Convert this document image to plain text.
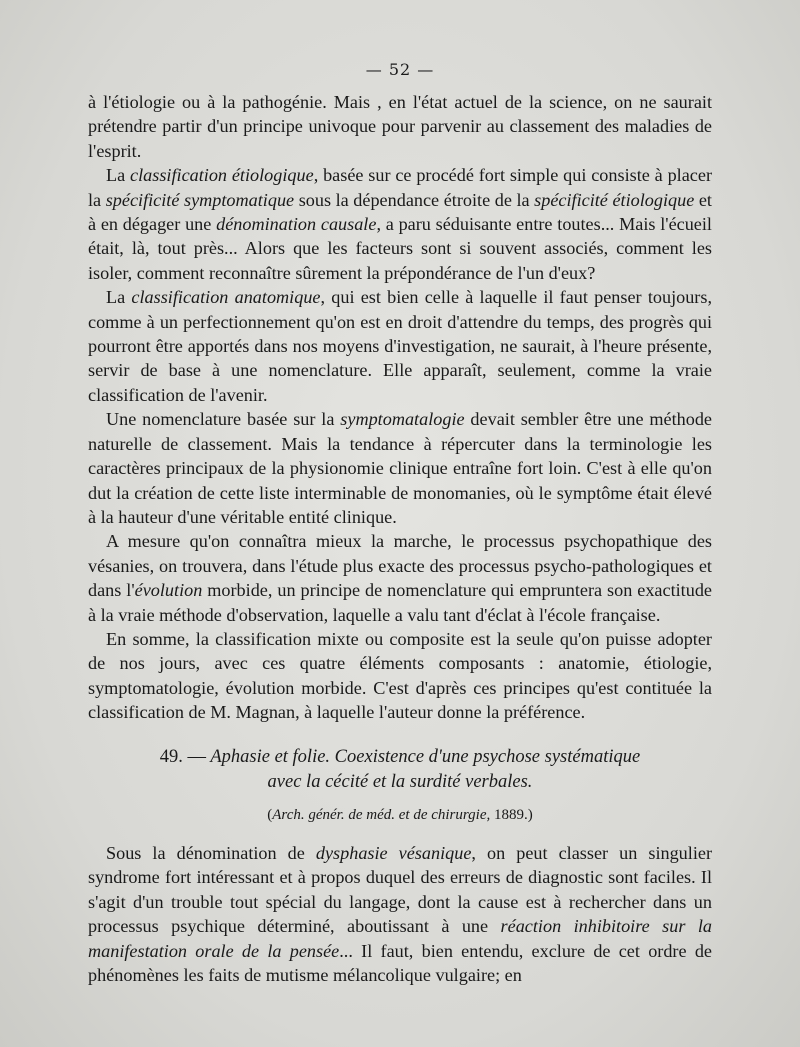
— 52 —

à l'étiologie ou à la pathogénie. Mais , en l'état actuel de la science, on ne saurait prétendre partir d'un principe univoque pour parvenir au classement des maladies de l'esprit.

La classification étiologique, basée sur ce procédé fort simple qui consiste à placer la spécificité symptomatique sous la dépendance étroite de la spécificité étiologique et à en dégager une dénomination causale, a paru séduisante entre toutes... Mais l'écueil était, là, tout près... Alors que les facteurs sont si souvent associés, comment les isoler, comment reconnaître sûrement la prépondérance de l'un d'eux?

La classification anatomique, qui est bien celle à laquelle il faut penser toujours, comme à un perfectionnement qu'on est en droit d'attendre du temps, des progrès qui pourront être apportés dans nos moyens d'investigation, ne saurait, à l'heure présente, servir de base à une nomenclature. Elle apparaît, seulement, comme la vraie classification de l'avenir.

Une nomenclature basée sur la symptomatalogie devait sembler être une méthode naturelle de classement. Mais la tendance à répercuter dans la terminologie les caractères principaux de la physionomie clinique entraîne fort loin. C'est à elle qu'on dut la création de cette liste interminable de monomanies, où le symptôme était élevé à la hauteur d'une véritable entité clinique.

A mesure qu'on connaîtra mieux la marche, le processus psychopathique des vésanies, on trouvera, dans l'étude plus exacte des processus psycho-pathologiques et dans l'évolution morbide, un principe de nomenclature qui empruntera son exactitude à la vraie méthode d'observation, laquelle a valu tant d'éclat à l'école française.

En somme, la classification mixte ou composite est la seule qu'on puisse adopter de nos jours, avec ces quatre éléments composants : anatomie, étiologie, symptomatologie, évolution morbide. C'est d'après ces principes qu'est contituée la classification de M. Magnan, à laquelle l'auteur donne la préférence.

49. — Aphasie et folie. Coexistence d'une psychose systématique
avec la cécité et la surdité verbales.
(Arch. génér. de méd. et de chirurgie, 1889.)

Sous la dénomination de dysphasie vésanique, on peut classer un singulier syndrome fort intéressant et à propos duquel des erreurs de diagnostic sont faciles. Il s'agit d'un trouble tout spécial du langage, dont la cause est à rechercher dans un processus psychique déterminé, aboutissant à une réaction inhibitoire sur la manifestation orale de la pensée... Il faut, bien entendu, exclure de cet ordre de phénomènes les faits de mutisme mélancolique vulgaire; en
